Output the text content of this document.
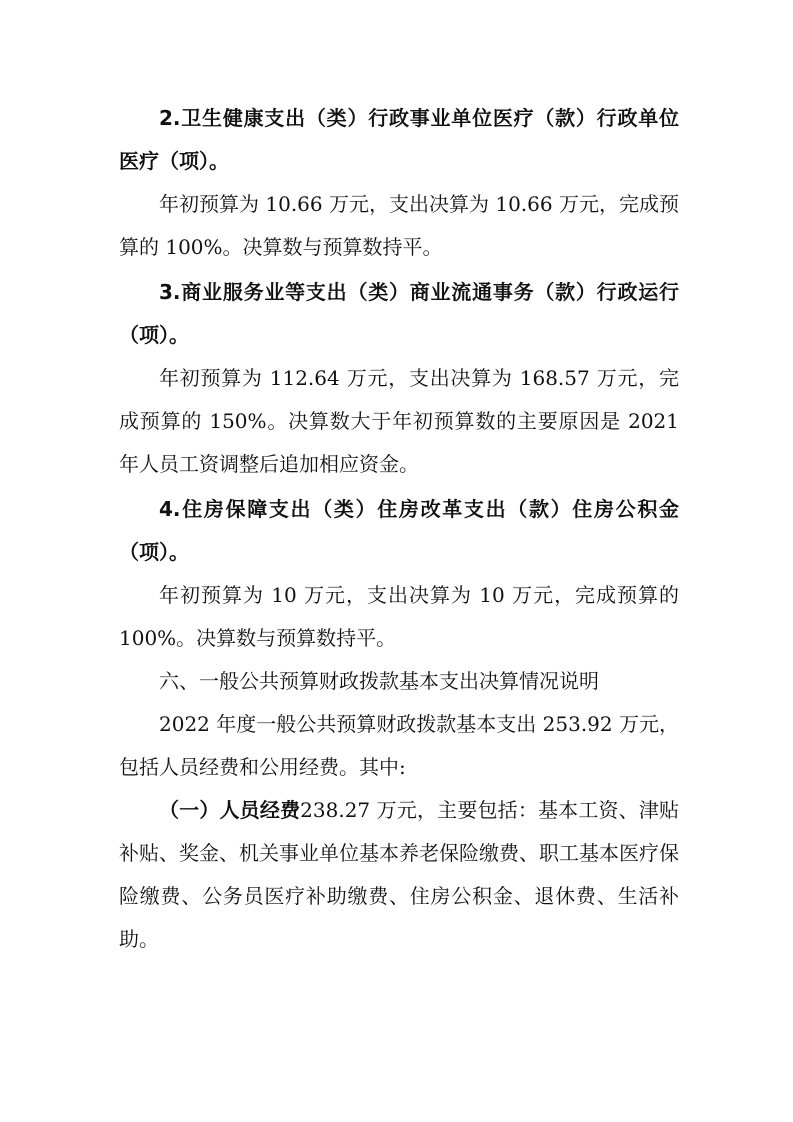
2.卫生健康支出（类）行政事业单位医疗（款）行政单位医疗（项）。

年初预算为 10.66 万元，支出决算为 10.66 万元，完成预算的 100%。决算数与预算数持平。

3.商业服务业等支出（类）商业流通事务（款）行政运行（项）。

年初预算为 112.64 万元，支出决算为 168.57 万元，完成预算的 150%。决算数大于年初预算数的主要原因是 2021 年人员工资调整后追加相应资金。

4.住房保障支出（类）住房改革支出（款）住房公积金（项）。

年初预算为 10 万元，支出决算为 10 万元，完成预算的 100%。决算数与预算数持平。

六、一般公共预算财政拨款基本支出决算情况说明

2022 年度一般公共预算财政拨款基本支出 253.92 万元，包括人员经费和公用经费。其中:

（一）人员经费238.27 万元，主要包括：基本工资、津贴补贴、奖金、机关事业单位基本养老保险缴费、职工基本医疗保险缴费、公务员医疗补助缴费、住房公积金、退休费、生活补助。
